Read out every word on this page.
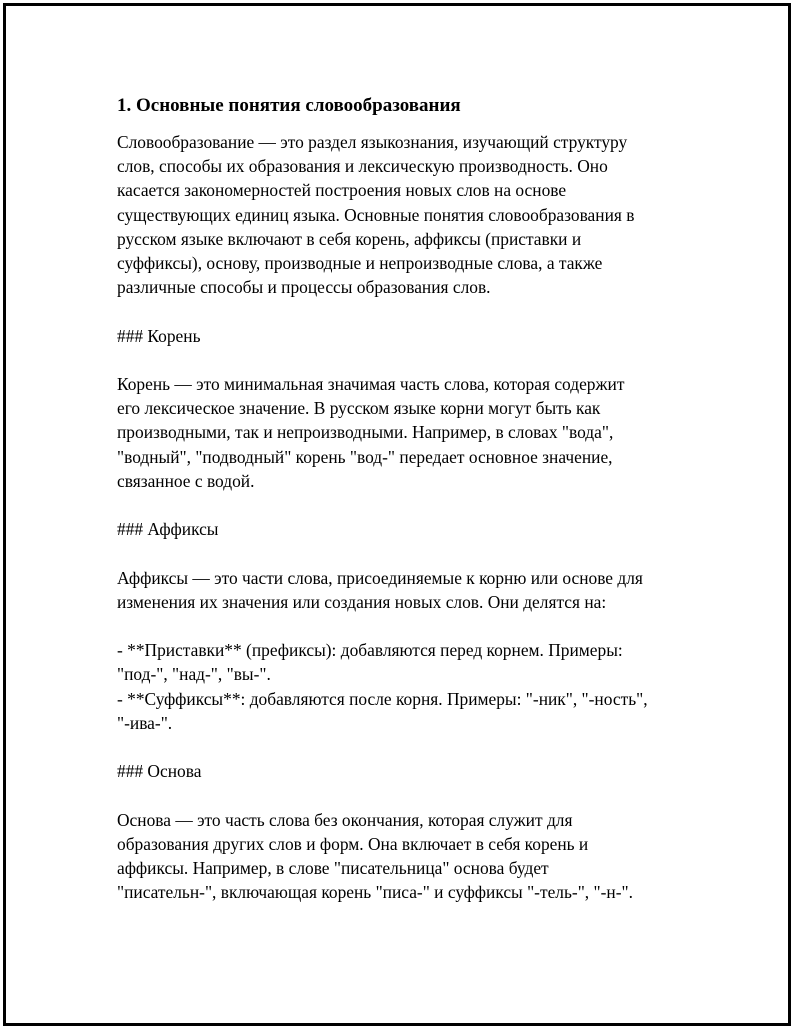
1. Основные понятия словообразования

Словообразование — это раздел языкознания, изучающий структуру
слов, способы их образования и лексическую производность. Оно
касается закономерностей построения новых слов на основе
существующих единиц языка. Основные понятия словообразования в
русском языке включают в себя корень, аффиксы (приставки и
суффиксы), основу, производные и непроизводные слова, а также
различные способы и процессы образования слов.

### Корень

Корень — это минимальная значимая часть слова, которая содержит
его лексическое значение. В русском языке корни могут быть как
производными, так и непроизводными. Например, в словах "вода",
"водный", "подводный" корень "вод-" передает основное значение,
связанное с водой.

### Аффиксы

Аффиксы — это части слова, присоединяемые к корню или основе для
изменения их значения или создания новых слов. Они делятся на:

- **Приставки** (префиксы): добавляются перед корнем. Примеры:
"под-", "над-", "вы-".
- **Суффиксы**: добавляются после корня. Примеры: "-ник", "-ность",
"-ива-".

### Основа

Основа — это часть слова без окончания, которая служит для
образования других слов и форм. Она включает в себя корень и
аффиксы. Например, в слове "писательница" основа будет
"писательн-", включающая корень "писа-" и суффиксы "-тель-", "-н-".
